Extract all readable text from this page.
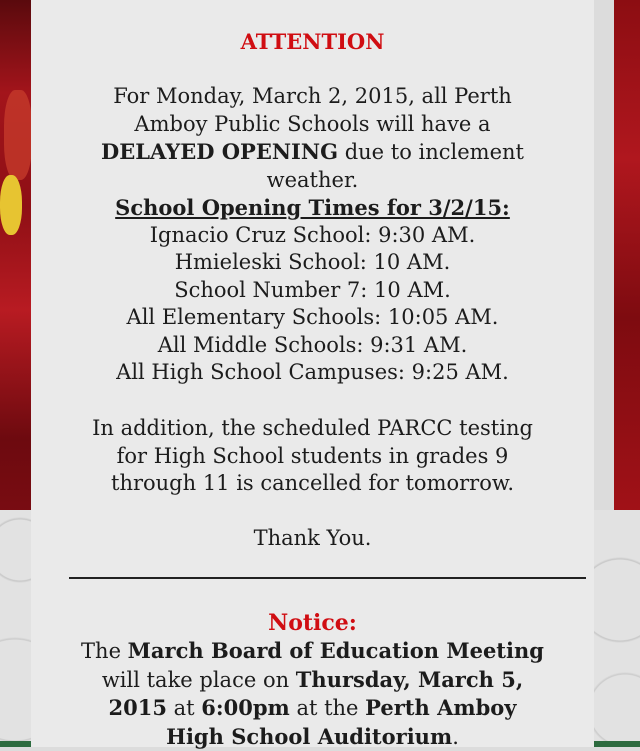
ATTENTION

For Monday, March 2, 2015, all Perth Amboy Public Schools will have a DELAYED OPENING due to inclement weather.

School Opening Times for 3/2/15:
Ignacio Cruz School: 9:30 AM.
Hmieleski School: 10 AM.
School Number 7: 10 AM.
All Elementary Schools: 10:05 AM.
All Middle Schools: 9:31 AM.
All High School Campuses: 9:25 AM.

In addition, the scheduled PARCC testing for High School students in grades 9 through 11 is cancelled for tomorrow.

Thank You.
Notice:

The March Board of Education Meeting will take place on Thursday, March 5, 2015 at 6:00pm at the Perth Amboy High School Auditorium.
